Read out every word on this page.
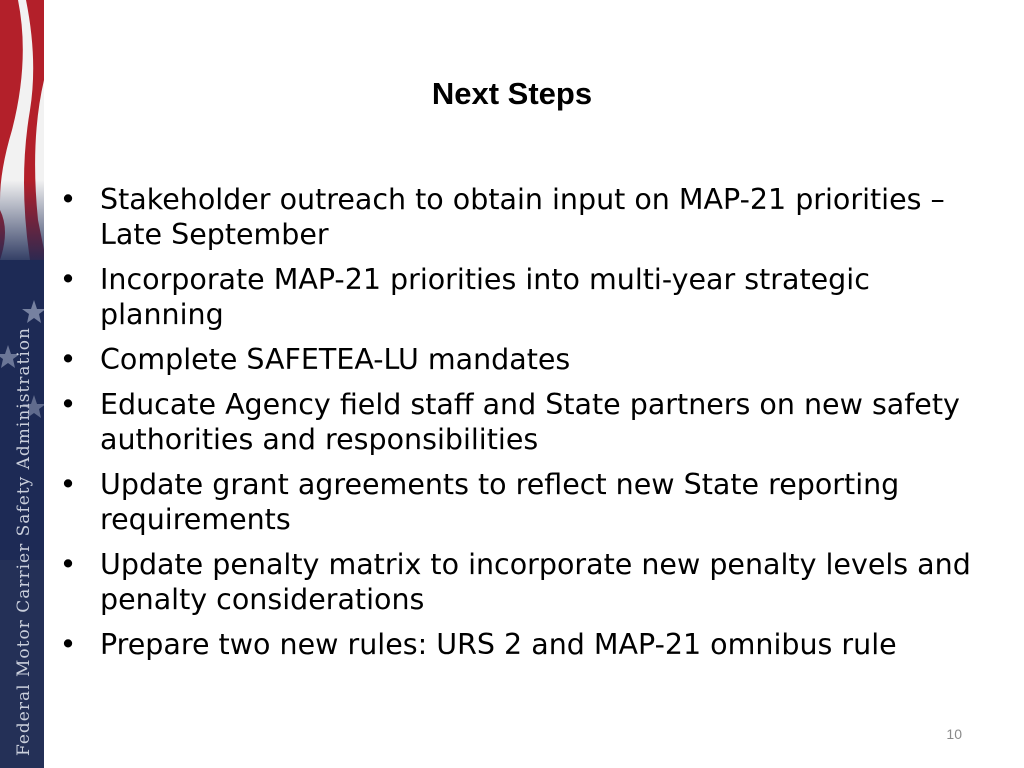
Federal Motor Carrier Safety Administration
Next Steps
• Stakeholder outreach to obtain input on MAP-21 priorities – Late September
• Incorporate MAP-21 priorities into multi-year strategic planning
• Complete SAFETEA-LU mandates
• Educate Agency field staff and State partners on new safety authorities and responsibilities
• Update grant agreements to reflect new State reporting requirements
• Update penalty matrix to incorporate new penalty levels and penalty considerations
• Prepare two new rules: URS 2 and MAP-21 omnibus rule
10
